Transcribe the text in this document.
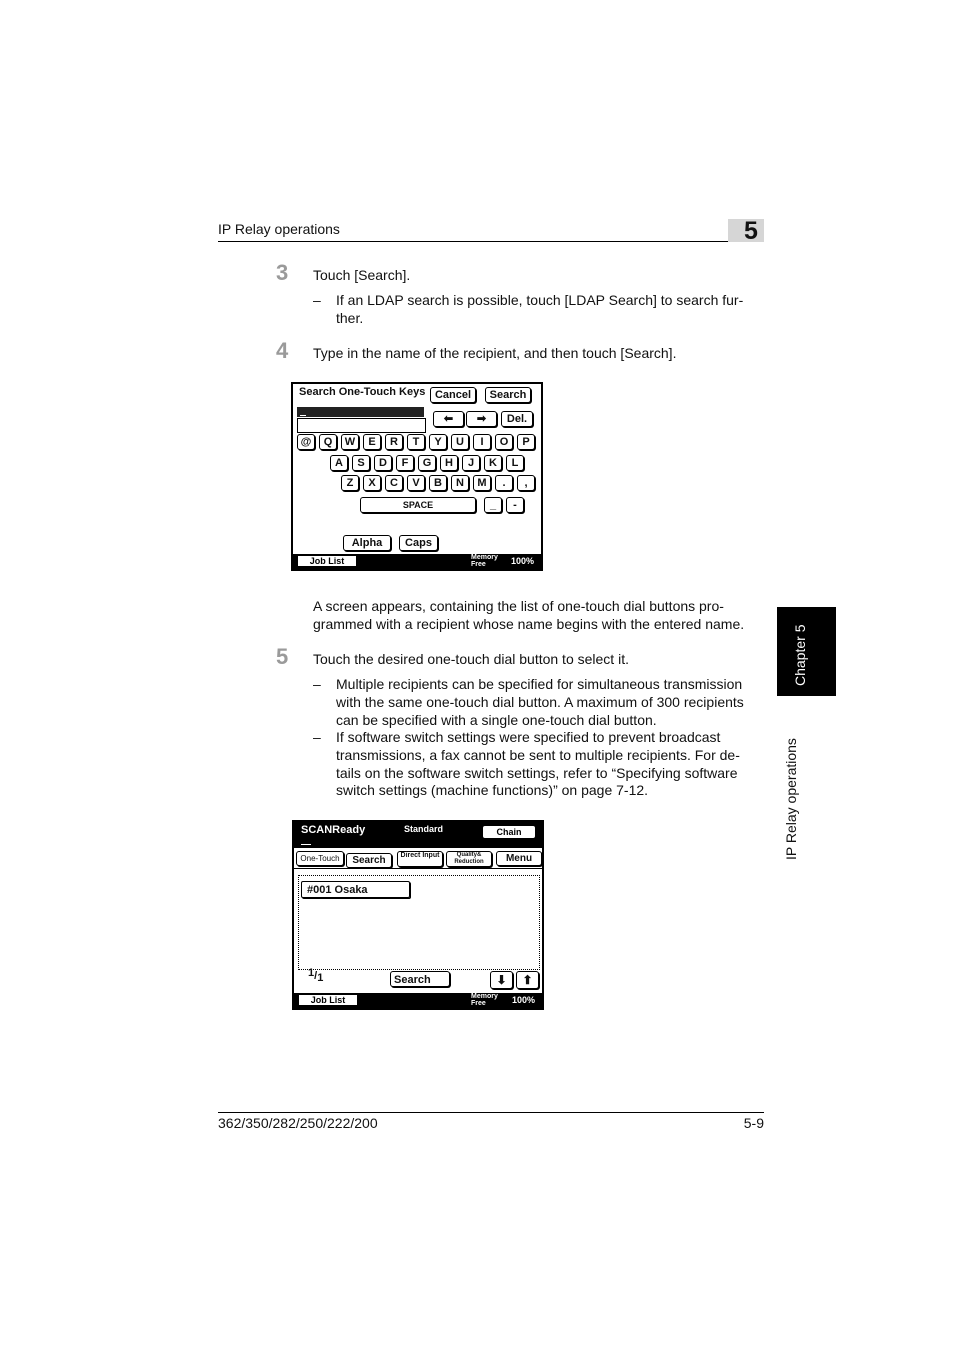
IP Relay operations	5
Chapter 5
IP Relay operations
3 Touch [Search].
– If an LDAP search is possible, touch [LDAP Search] to search fur-
ther.
4 Type in the name of the recipient, and then touch [Search].
Search One-Touch Keys Cancel	Search
⬅	➡	Del.
@	Q	W	E	R	T	Y	U	I	O	P
A	S	D	F	G	H	J	K	L
Z	X	C	V	B	N	M	.	,
SPACE	_	-
Alpha	Caps
Job List	Memory
Free	100%
A screen appears, containing the list of one-touch dial buttons pro-
grammed with a recipient whose name begins with the entered name.
5 Touch the desired one-touch dial button to select it.
– Multiple recipients can be specified for simultaneous transmission
with the same one-touch dial button. A maximum of 300 recipients
can be specified with a single one-touch dial button.
– If software switch settings were specified to prevent broadcast
transmissions, a fax cannot be sent to multiple recipients. For de-
tails on the software switch settings, refer to “Specifying software
switch settings (machine functions)” on page 7-12.
SCANReady	Standard	Chain
One-Touch	Search	Direct Input	Quality& Reduction	Menu
#001 Osaka
1/1	Search	⬇	⬆
Job List	Memory
Free	100%
362/350/282/250/222/200	5-9
